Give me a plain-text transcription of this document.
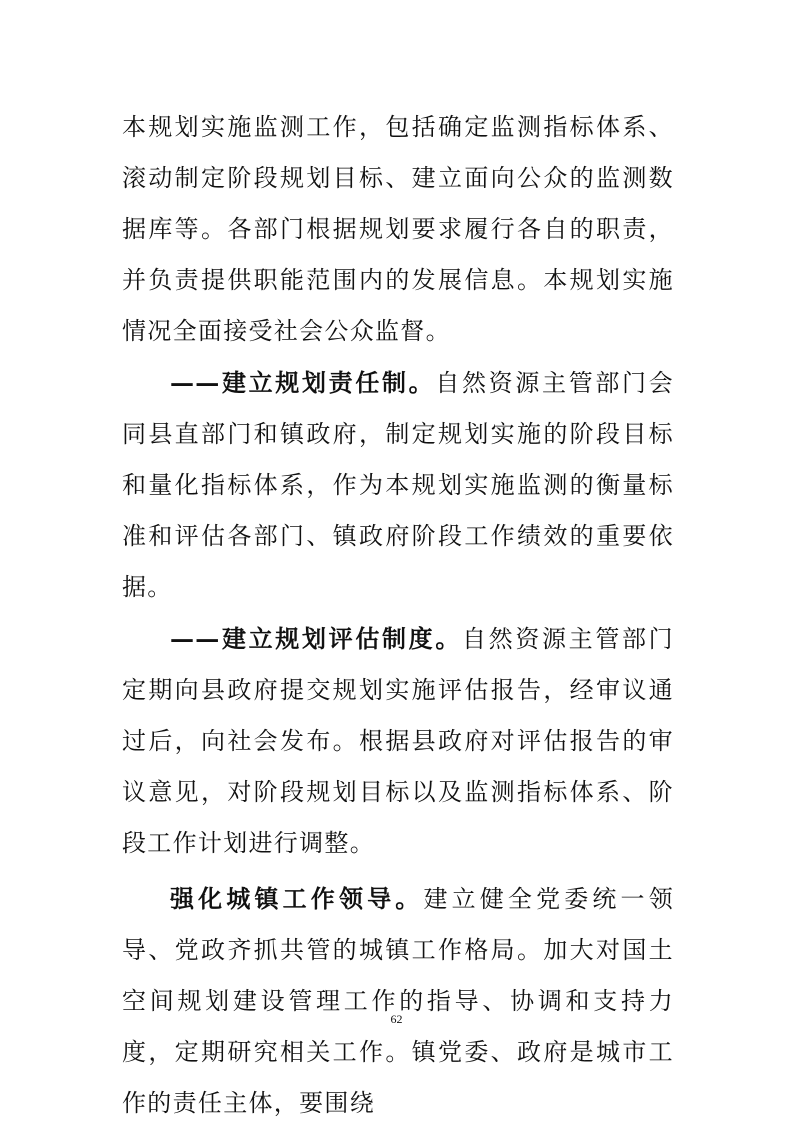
本规划实施监测工作，包括确定监测指标体系、滚动制定阶段规划目标、建立面向公众的监测数据库等。各部门根据规划要求履行各自的职责，并负责提供职能范围内的发展信息。本规划实施情况全面接受社会公众监督。

——建立规划责任制。自然资源主管部门会同县直部门和镇政府，制定规划实施的阶段目标和量化指标体系，作为本规划实施监测的衡量标准和评估各部门、镇政府阶段工作绩效的重要依据。

——建立规划评估制度。自然资源主管部门定期向县政府提交规划实施评估报告，经审议通过后，向社会发布。根据县政府对评估报告的审议意见，对阶段规划目标以及监测指标体系、阶段工作计划进行调整。

强化城镇工作领导。建立健全党委统一领导、党政齐抓共管的城镇工作格局。加大对国土空间规划建设管理工作的指导、协调和支持力度，定期研究相关工作。镇党委、政府是城市工作的责任主体，要围绕

62
